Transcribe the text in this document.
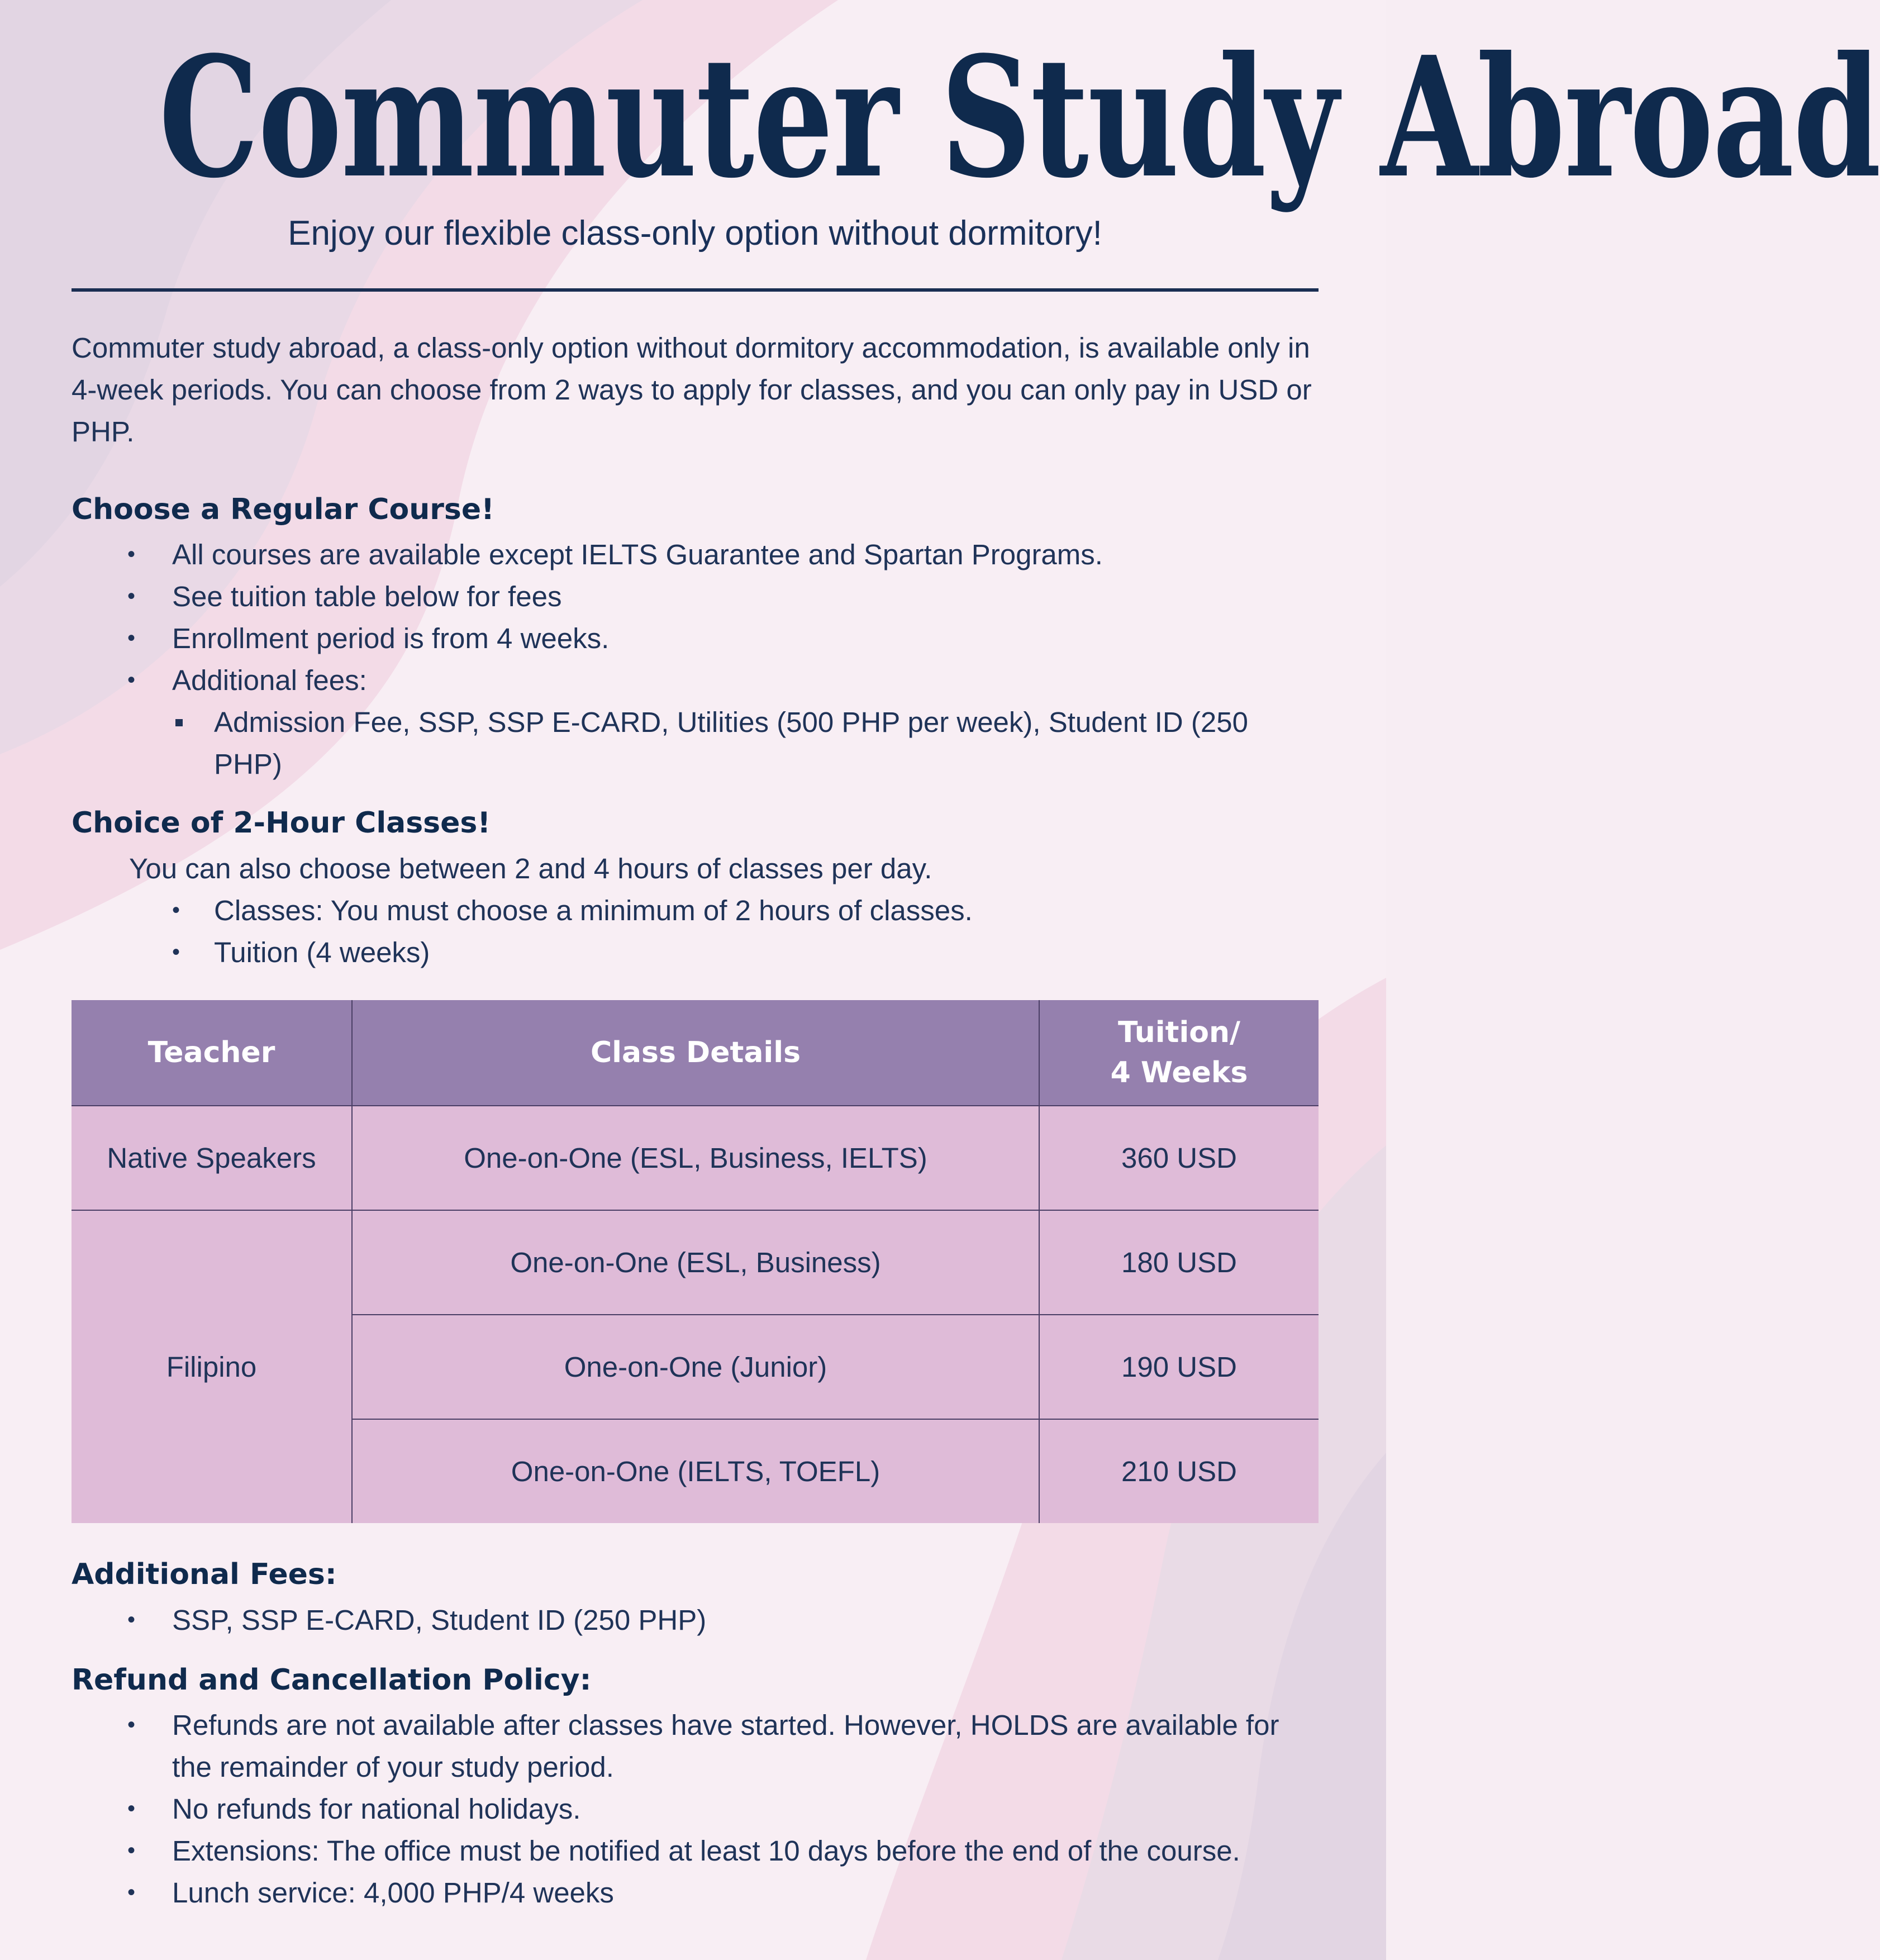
Commuter Study Abroad
Enjoy our flexible class-only option without dormitory!
Commuter study abroad, a class-only option without dormitory accommodation, is available only in 4-week periods. You can choose from 2 ways to apply for classes, and you can only pay in USD or PHP.
Choose a Regular Course!
• All courses are available except IELTS Guarantee and Spartan Programs.
• See tuition table below for fees
• Enrollment period is from 4 weeks.
• Additional fees:
Admission Fee, SSP, SSP E-CARD, Utilities (500 PHP per week), Student ID (250 PHP)
Choice of 2-Hour Classes!
You can also choose between 2 and 4 hours of classes per day.
• Classes: You must choose a minimum of 2 hours of classes.
• Tuition (4 weeks)
Teacher	Class Details	Tuition/
4 Weeks
Native Speakers	One-on-One (ESL, Business, IELTS)	360 USD
Filipino	One-on-One (ESL, Business)	180 USD
	One-on-One (Junior)	190 USD
	One-on-One (IELTS, TOEFL)	210 USD
Additional Fees:
• SSP, SSP E-CARD, Student ID (250 PHP)
Refund and Cancellation Policy:
• Refunds are not available after classes have started. However, HOLDS are available for the remainder of your study period.
• No refunds for national holidays.
• Extensions: The office must be notified at least 10 days before the end of the course.
• Lunch service: 4,000 PHP/4 weeks
